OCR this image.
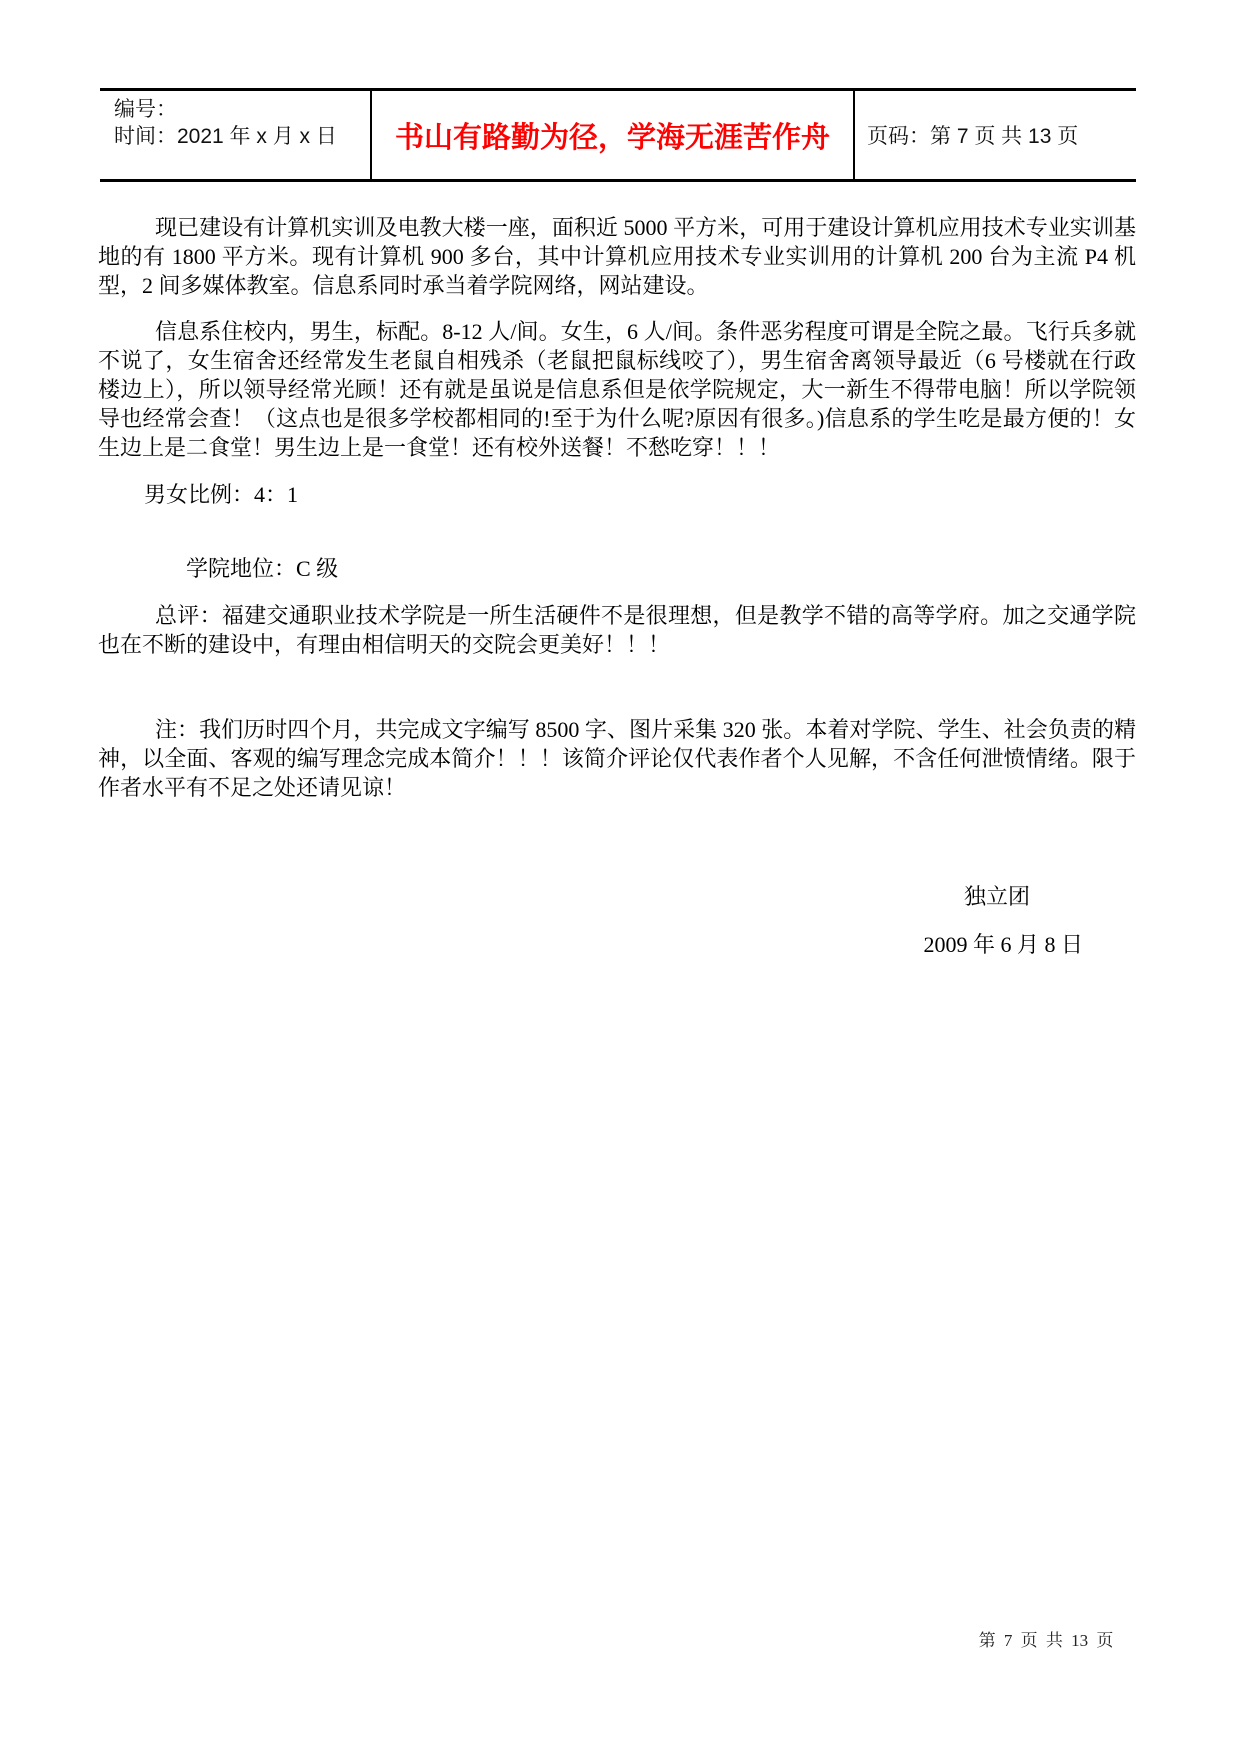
编号：
时间：2021 年 x 月 x 日	书山有路勤为径，学海无涯苦作舟 页码：第 7 页 共 13 页

现已建设有计算机实训及电教大楼一座，面积近 5000 平方米，可用于建设计算机应用技术专业实训基地的有 1800 平方米。现有计算机 900 多台，其中计算机应用技术专业实训用的计算机 200 台为主流 P4 机型，2 间多媒体教室。信息系同时承当着学院网络，网站建设。

信息系住校内，男生，标配。8-12 人/间。女生，6 人/间。条件恶劣程度可谓是全院之最。飞行兵多就不说了，女生宿舍还经常发生老鼠自相残杀（老鼠把鼠标线咬了），男生宿舍离领导最近（6 号楼就在行政楼边上），所以领导经常光顾！还有就是虽说是信息系但是依学院规定，大一新生不得带电脑！所以学院领导也经常会查！（这点也是很多学校都相同的!至于为什么呢?原因有很多。)信息系的学生吃是最方便的！女生边上是二食堂！男生边上是一食堂！还有校外送餐！不愁吃穿！！！

男女比例：4：1

学院地位：C 级

总评：福建交通职业技术学院是一所生活硬件不是很理想，但是教学不错的高等学府。加之交通学院也在不断的建设中，有理由相信明天的交院会更美好！！！

注：我们历时四个月，共完成文字编写 8500 字、图片采集 320 张。本着对学院、学生、社会负责的精神，以全面、客观的编写理念完成本简介！！！该简介评论仅代表作者个人见解，不含任何泄愤情绪。限于作者水平有不足之处还请见谅！

独立团
2009 年 6 月 8 日
第 7 页 共 13 页
